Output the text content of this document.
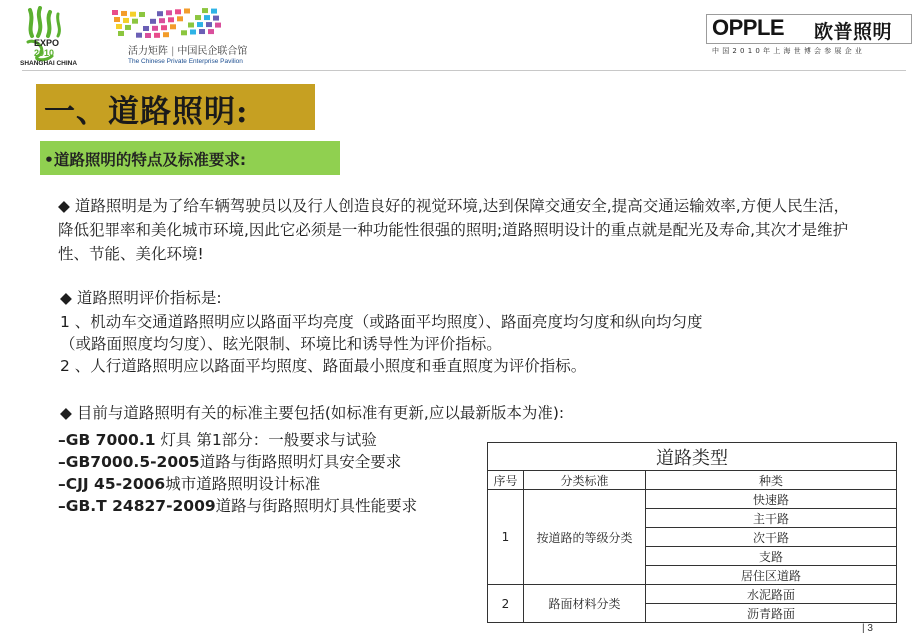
EXPO
2010
SHANGHAI CHINA
活力矩阵 | 中国民企联合馆
The Chinese Private Enterprise Pavilion
OPPLE 欧普照明
中国2010年上海世博会参展企业
一、道路照明:
•道路照明的特点及标准要求:
◆ 道路照明是为了给车辆驾驶员以及行人创造良好的视觉环境,达到保障交通安全,提高交通运输效率,方便人民生活，降低犯罪率和美化城市环境,因此它必须是一种功能性很强的照明;道路照明设计的重点就是配光及寿命,其次才是维护性、节能、美化环境!
◆ 道路照明评价指标是:
1 、机动车交通道路照明应以路面平均亮度（或路面平均照度）、路面亮度均匀度和纵向均匀度
（或路面照度均匀度）、眩光限制、环境比和诱导性为评价指标。
2 、人行道路照明应以路面平均照度、路面最小照度和垂直照度为评价指标。
◆ 目前与道路照明有关的标准主要包括(如标准有更新,应以最新版本为准):
–GB 7000.1 灯具 第1部分：一般要求与试验
–GB7000.5-2005道路与街路照明灯具安全要求
–CJJ 45-2006城市道路照明设计标准
–GB.T 24827-2009道路与街路照明灯具性能要求
道路类型		
序号	分类标准	种类
1	按道路的等级分类	快速路
		主干路
		次干路
		支路
		居住区道路
2	路面材料分类	水泥路面
		沥青路面
| 3
